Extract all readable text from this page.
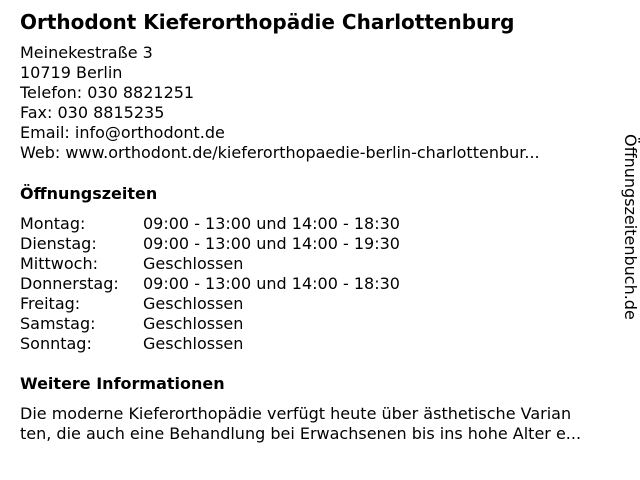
Orthodont Kieferorthopädie Charlottenburg
Meinekestraße 3
10719 Berlin
Telefon: 030 8821251
Fax: 030 8815235
Email: info@orthodont.de
Web: www.orthodont.de/kieferorthopaedie-berlin-charlottenbur...
Öffnungszeiten
Montag:	09:00 - 13:00 und 14:00 - 18:30
Dienstag:	09:00 - 13:00 und 14:00 - 19:30
Mittwoch:	Geschlossen
Donnerstag:	09:00 - 13:00 und 14:00 - 18:30
Freitag:	Geschlossen
Samstag:	Geschlossen
Sonntag:	Geschlossen
Weitere Informationen
Die moderne Kieferorthopädie verfügt heute über ästhetische Varian
ten, die auch eine Behandlung bei Erwachsenen bis ins hohe Alter e...
Öffnungszeitenbuch.de
